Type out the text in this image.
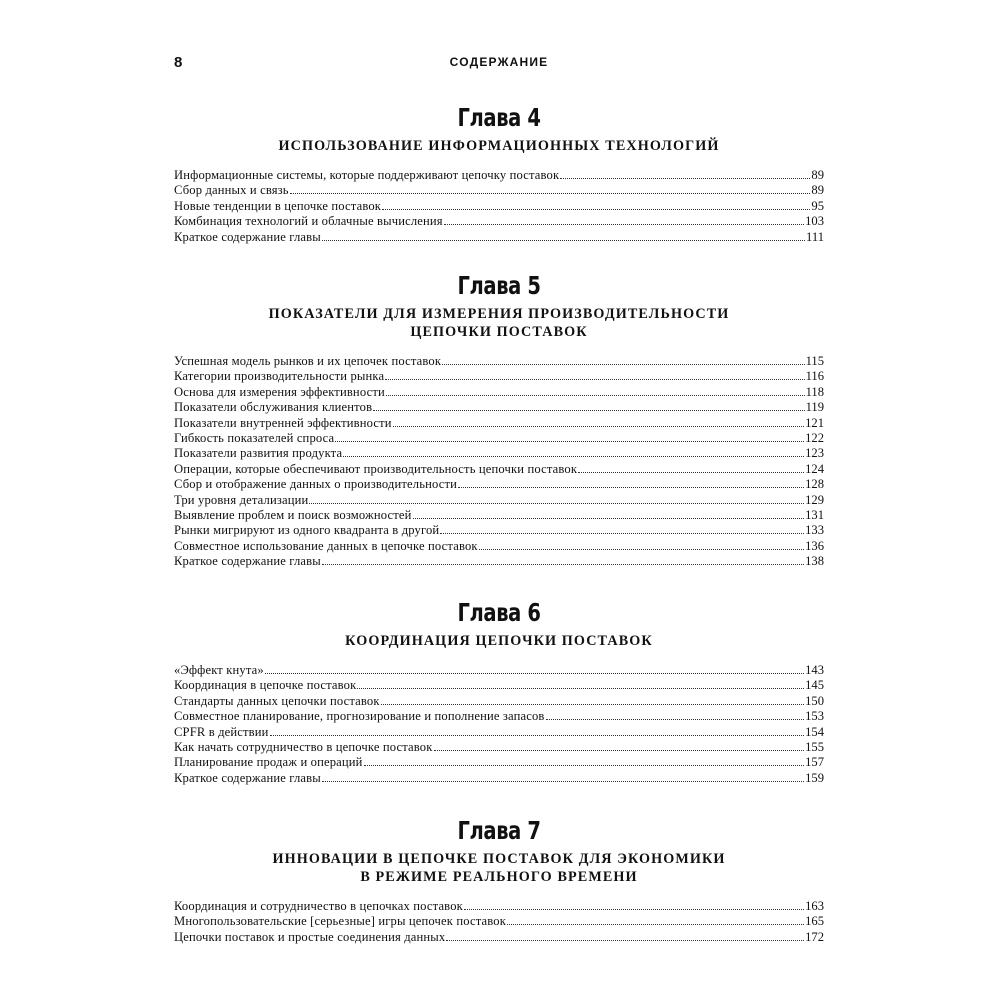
8	СОДЕРЖАНИЕ
Глава 4
ИСПОЛЬЗОВАНИЕ ИНФОРМАЦИОННЫХ ТЕХНОЛОГИЙ
Информационные системы, которые поддерживают цепочку поставок	89
Сбор данных и связь	89
Новые тенденции в цепочке поставок	95
Комбинация технологий и облачные вычисления	103
Краткое содержание главы	111
Глава 5
ПОКАЗАТЕЛИ ДЛЯ ИЗМЕРЕНИЯ ПРОИЗВОДИТЕЛЬНОСТИ
ЦЕПОЧКИ ПОСТАВОК
Успешная модель рынков и их цепочек поставок	115
Категории производительности рынка	116
Основа для измерения эффективности	118
Показатели обслуживания клиентов	119
Показатели внутренней эффективности	121
Гибкость показателей спроса	122
Показатели развития продукта	123
Операции, которые обеспечивают производительность цепочки поставок	124
Сбор и отображение данных о производительности	128
Три уровня детализации	129
Выявление проблем и поиск возможностей	131
Рынки мигрируют из одного квадранта в другой	133
Совместное использование данных в цепочке поставок	136
Краткое содержание главы	138
Глава 6
КООРДИНАЦИЯ ЦЕПОЧКИ ПОСТАВОК
«Эффект кнута»	143
Координация в цепочке поставок	145
Стандарты данных цепочки поставок	150
Совместное планирование, прогнозирование и пополнение запасов	153
CPFR в действии	154
Как начать сотрудничество в цепочке поставок	155
Планирование продаж и операций	157
Краткое содержание главы	159
Глава 7
ИННОВАЦИИ В ЦЕПОЧКЕ ПОСТАВОК ДЛЯ ЭКОНОМИКИ
В РЕЖИМЕ РЕАЛЬНОГО ВРЕМЕНИ
Координация и сотрудничество в цепочках поставок	163
Многопользовательские [серьезные] игры цепочек поставок	165
Цепочки поставок и простые соединения данных	172
